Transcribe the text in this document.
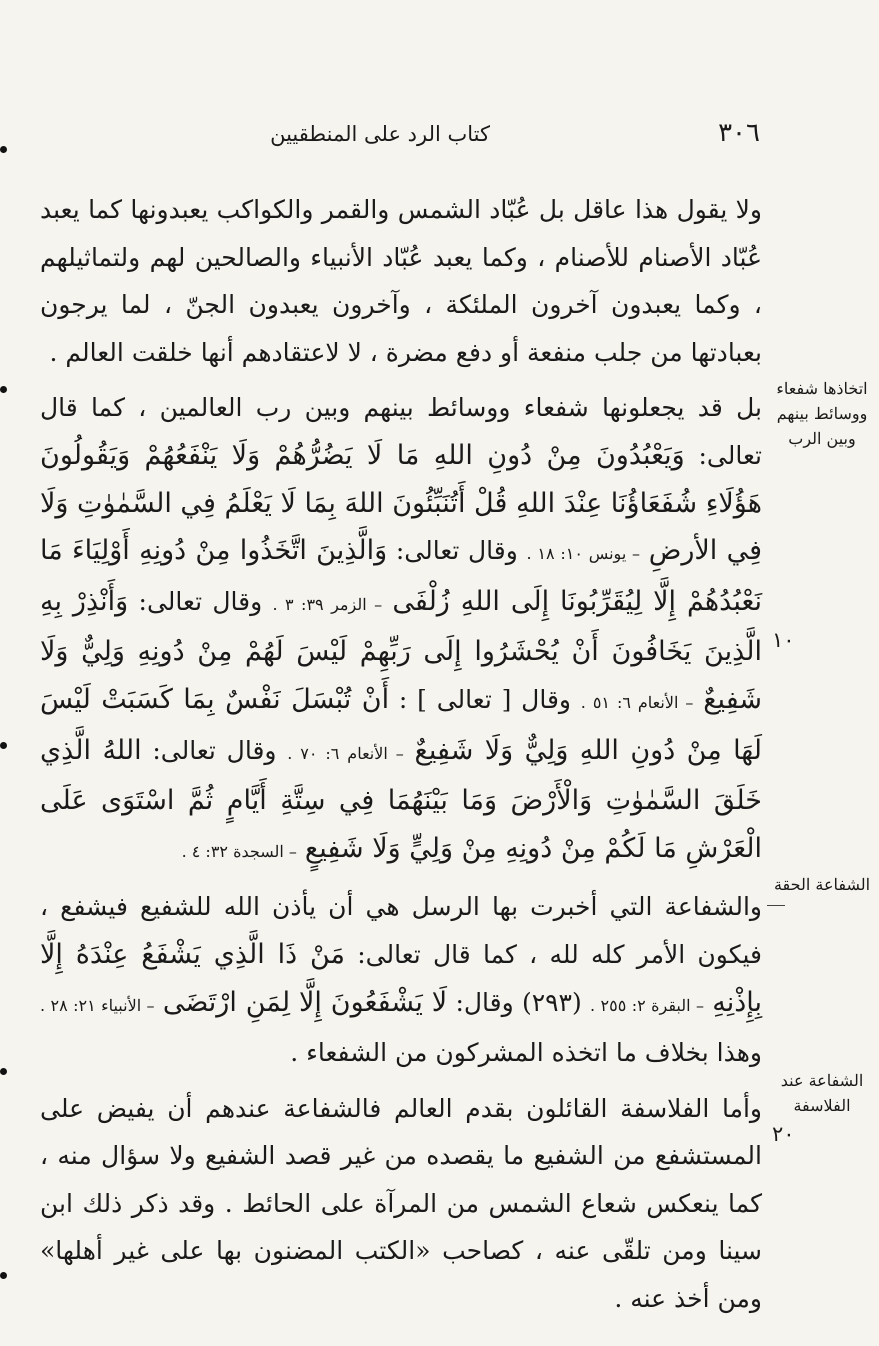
٣٠٦
كتاب الرد على المنطقيين

ولا يقول هذا عاقل بل عُبّاد الشمس والقمر والكواكب يعبدونها كما يعبد عُبّاد الأصنام للأصنام ، وكما يعبد عُبّاد الأنبياء والصالحين لهم ولتماثيلهم ، وكما يعبدون آخرون الملئكة ، وآخرون يعبدون الجنّ ، لما يرجون بعبادتها من جلب منفعة أو دفع مضرة ، لا لاعتقادهم أنها خلقت العالم .

بل قد يجعلونها شفعاء ووسائط بينهم وبين رب العالمين ، كما قال تعالى: وَيَعْبُدُونَ مِنْ دُونِ اللهِ مَا لَا يَضُرُّهُمْ وَلَا يَنْفَعُهُمْ وَيَقُولُونَ هَؤُلَاءِ شُفَعَاؤُنَا عِنْدَ اللهِ قُلْ أَتُنَبِّئُونَ اللهَ بِمَا لَا يَعْلَمُ فِي السَّمٰوٰتِ وَلَا فِي الأرضِ – يونس ١٠: ١٨ . وقال تعالى: وَالَّذِينَ اتَّخَذُوا مِنْ دُونِهِ أَوْلِيَاءَ مَا نَعْبُدُهُمْ إِلَّا لِيُقَرِّبُونَا إِلَى اللهِ زُلْفَى – الزمر ٣٩: ٣ . وقال تعالى: وَأَنْذِرْ بِهِ الَّذِينَ يَخَافُونَ أَنْ يُحْشَرُوا إِلَى رَبِّهِمْ لَيْسَ لَهُمْ مِنْ دُونِهِ وَلِيٌّ وَلَا شَفِيعٌ – الأنعام ٦: ٥١ . وقال [ تعالى ] : أَنْ تُبْسَلَ نَفْسٌ بِمَا كَسَبَتْ لَيْسَ لَهَا مِنْ دُونِ اللهِ وَلِيٌّ وَلَا شَفِيعٌ – الأنعام ٦: ٧٠ . وقال تعالى: اللهُ الَّذِي خَلَقَ السَّمٰوٰتِ وَالْأَرْضَ وَمَا بَيْنَهُمَا فِي سِتَّةِ أَيَّامٍ ثُمَّ اسْتَوَى عَلَى الْعَرْشِ مَا لَكُمْ مِنْ دُونِهِ مِنْ وَلِيٍّ وَلَا شَفِيعٍ – السجدة ٣٢: ٤ .

والشفاعة التي أخبرت بها الرسل هي أن يأذن الله للشفيع فيشفع ، فيكون الأمر كله لله ، كما قال تعالى: مَنْ ذَا الَّذِي يَشْفَعُ عِنْدَهُ إِلَّا بِإِذْنِهِ – البقرة ٢: ٢٥٥ . (٢٩٣) وقال: لَا يَشْفَعُونَ إِلَّا لِمَنِ ارْتَضَى – الأنبياء ٢١: ٢٨ . وهذا بخلاف ما اتخذه المشركون من الشفعاء .

وأما الفلاسفة القائلون بقدم العالم فالشفاعة عندهم أن يفيض على المستشفع من الشفيع ما يقصده من غير قصد الشفيع ولا سؤال منه ، كما ينعكس شعاع الشمس من المرآة على الحائط . وقد ذكر ذلك ابن سينا ومن تلقّى عنه ، كصاحب «الكتب المضنون بها على غير أهلها» ومن أخذ عنه .

اتخاذها شفعاء ووسائط بينهم وبين الرب
الشفاعة الحقة
الشفاعة عند الفلاسفة
١٠
٢٠
